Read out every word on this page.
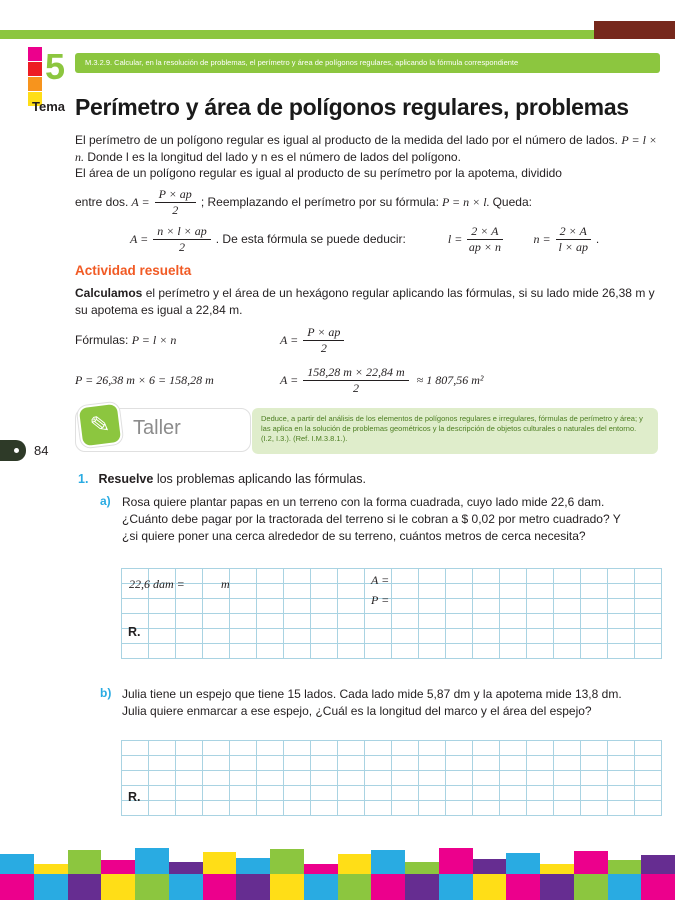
5
Tema
M.3.2.9. Calcular, en la resolución de problemas, el perímetro y área de polígonos regulares, aplicando la fórmula correspondiente
Perímetro y área de polígonos regulares, problemas
El perímetro de un polígono regular es igual al producto de la medida del lado por el número de lados. P = l × n. Donde l es la longitud del lado y n es el número de lados del polígono.
El área de un polígono regular es igual al producto de su perímetro por la apotema, dividido
entre dos. $A = \frac{P \times ap}{2}$ ; Reemplazando el perímetro por su fórmula: P = n × l. Queda:
$A = \frac{n \times l \times ap}{2}$ . De esta fórmula se puede deducir:	$l = \frac{2 \times A}{ap \times n}$	$n = \frac{2 \times A}{l \times ap}$ .
Actividad resuelta
Calculamos el perímetro y el área de un hexágono regular aplicando las fórmulas, si su lado mide 26,38 m y su apotema es igual a 22,84 m.
Fórmulas: P = l × n	$A = \frac{P \times ap}{2}$
P = 26,38 m × 6 = 158,28 m	$A = \frac{158,28 m \times 22,84 m}{2} \approx 1$ 807,56 m²
✎	Taller	Deduce, a partir del análisis de los elementos de polígonos regulares e irregulares, fórmulas de perímetro y área; y las aplica en la solución de problemas geométricos y la descripción de objetos culturales o naturales del entorno. (I.2, I.3.). (Ref. I.M.3.8.1.).
84
1. Resuelve los problemas aplicando las fórmulas.
a) Rosa quiere plantar papas en un terreno con la forma cuadrada, cuyo lado mide 22,6 dam. ¿Cuánto debe pagar por la tractorada del terreno si le cobran a $ 0,02 por metro cuadrado? Y ¿si quiere poner una cerca alrededor de su terreno, cuántos metros de cerca necesita?
22,6 dam =	m	A =
P =
R.
b) Julia tiene un espejo que tiene 15 lados. Cada lado mide 5,87 dm y la apotema mide 13,8 dm. Julia quiere enmarcar a ese espejo, ¿Cuál es la longitud del marco y el área del espejo?
R.
